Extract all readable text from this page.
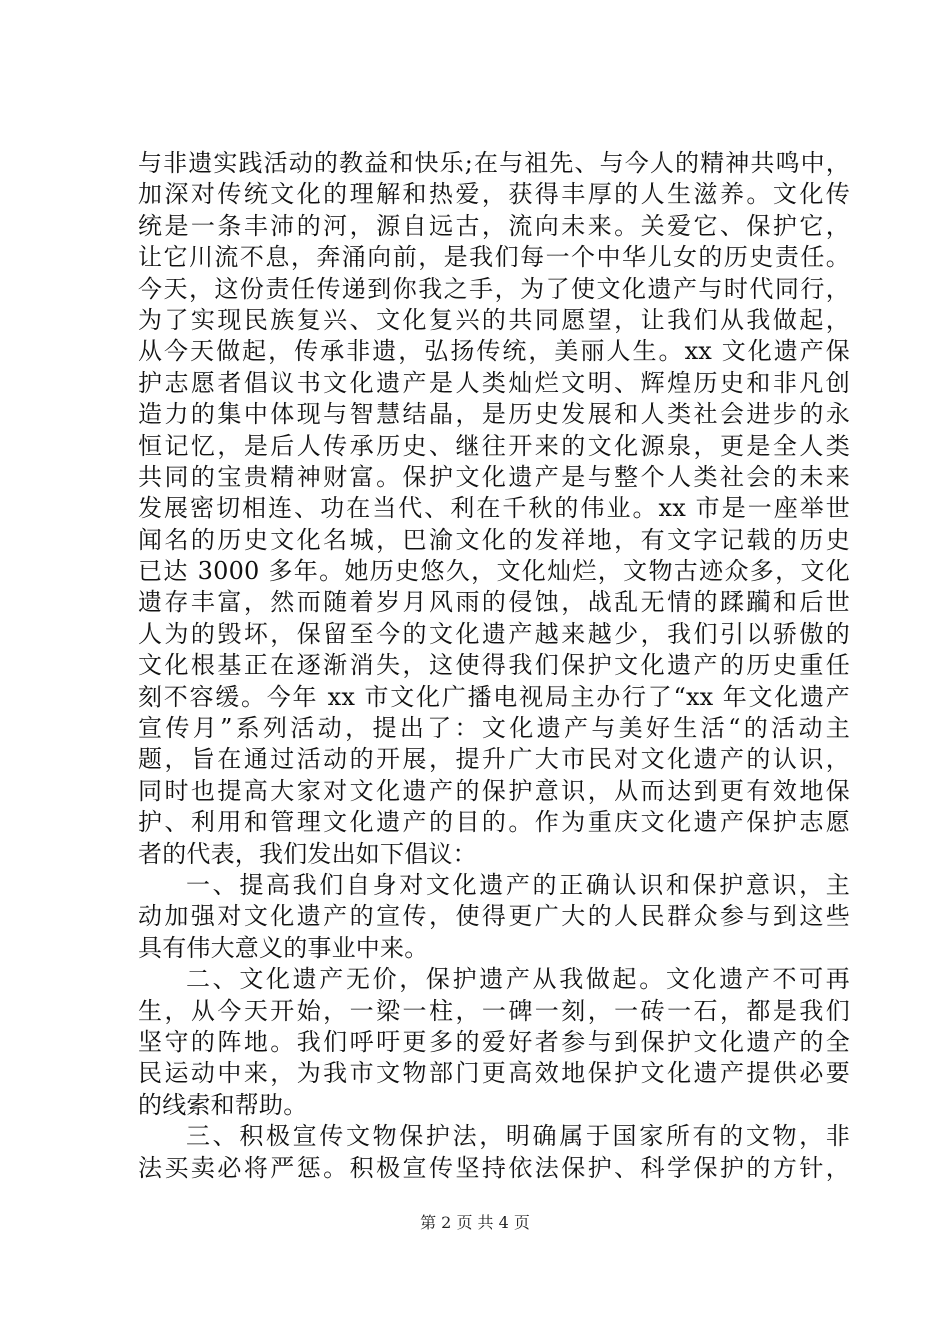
与非遗实践活动的教益和快乐;在与祖先、与今人的精神共鸣中，
加深对传统文化的理解和热爱，获得丰厚的人生滋养。文化传
统是一条丰沛的河，源自远古，流向未来。关爱它、保护它，
让它川流不息，奔涌向前，是我们每一个中华儿女的历史责任。
今天，这份责任传递到你我之手，为了使文化遗产与时代同行，
为了实现民族复兴、文化复兴的共同愿望，让我们从我做起，
从今天做起，传承非遗，弘扬传统，美丽人生。xx 文化遗产保
护志愿者倡议书文化遗产是人类灿烂文明、辉煌历史和非凡创
造力的集中体现与智慧结晶，是历史发展和人类社会进步的永
恒记忆，是后人传承历史、继往开来的文化源泉，更是全人类
共同的宝贵精神财富。保护文化遗产是与整个人类社会的未来
发展密切相连、功在当代、利在千秋的伟业。xx 市是一座举世
闻名的历史文化名城，巴渝文化的发祥地，有文字记载的历史
已达 3000 多年。她历史悠久，文化灿烂，文物古迹众多，文化
遗存丰富，然而随着岁月风雨的侵蚀，战乱无情的蹂躏和后世
人为的毁坏，保留至今的文化遗产越来越少，我们引以骄傲的
文化根基正在逐渐消失，这使得我们保护文化遗产的历史重任
刻不容缓。今年 xx 市文化广播电视局主办行了“xx 年文化遗产
宣传月”系列活动，提出了：文化遗产与美好生活“的活动主
题，旨在通过活动的开展，提升广大市民对文化遗产的认识，
同时也提高大家对文化遗产的保护意识，从而达到更有效地保
护、利用和管理文化遗产的目的。作为重庆文化遗产保护志愿
者的代表，我们发出如下倡议：
一、提高我们自身对文化遗产的正确认识和保护意识，主
动加强对文化遗产的宣传，使得更广大的人民群众参与到这些
具有伟大意义的事业中来。
二、文化遗产无价，保护遗产从我做起。文化遗产不可再
生，从今天开始，一梁一柱，一碑一刻，一砖一石，都是我们
坚守的阵地。我们呼吁更多的爱好者参与到保护文化遗产的全
民运动中来，为我市文物部门更高效地保护文化遗产提供必要
的线索和帮助。
三、积极宣传文物保护法，明确属于国家所有的文物，非
法买卖必将严惩。积极宣传坚持依法保护、科学保护的方针，
第 2 页 共 4 页
